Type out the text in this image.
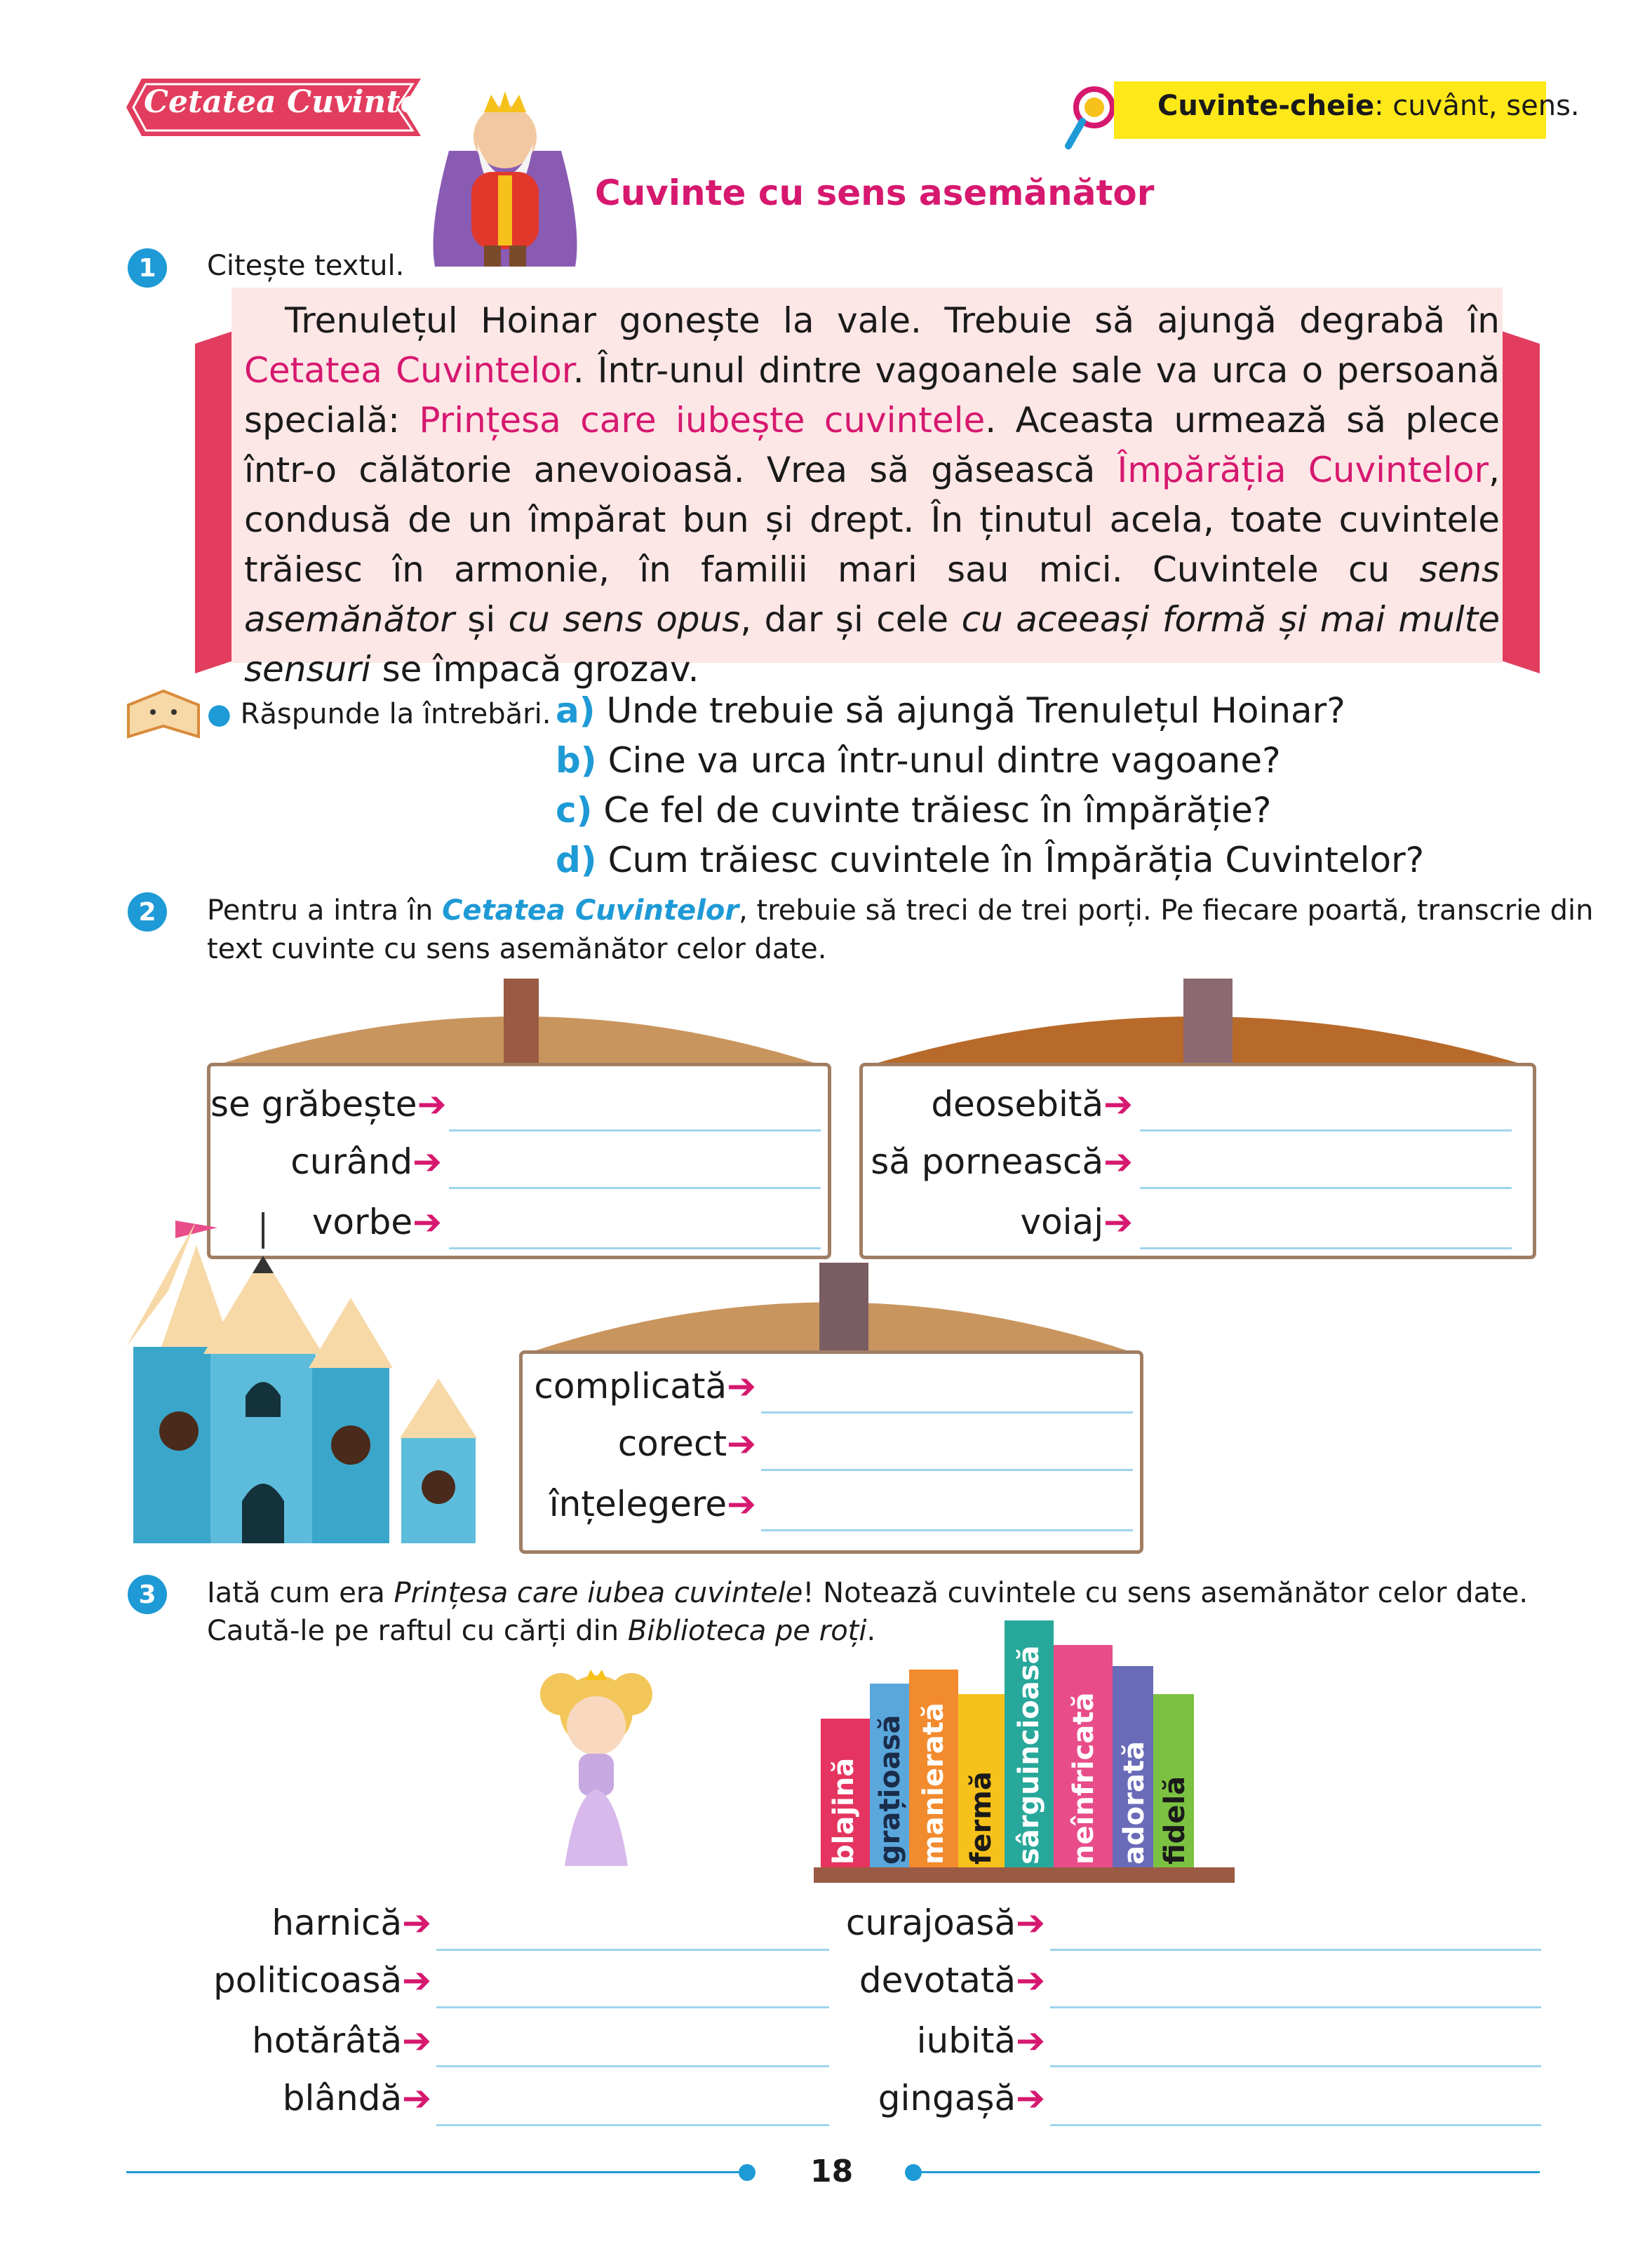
Cetatea Cuvintelor	Cuvinte-cheie: cuvânt, sens.
Cuvinte cu sens asemănător
1	Citește textul.
Trenulețul Hoinar gonește la vale. Trebuie să ajungă degrabă în Cetatea Cuvintelor. Într-unul dintre vagoanele sale va urca o persoană specială: Prințesa care iubește cuvintele. Aceasta urmează să plece într-o călătorie anevoioasă. Vrea să găsească Împărăția Cuvintelor, condusă de un împărat bun și drept. În ținutul acela, toate cuvintele trăiesc în armonie, în familii mari sau mici. Cuvintele cu sens asemănător și cu sens opus, dar și cele cu aceeași formă și mai multe sensuri se împacă grozav.
● Răspunde la întrebări. a) Unde trebuie să ajungă Trenulețul Hoinar?
b) Cine va urca într-unul dintre vagoane?
c) Ce fel de cuvinte trăiesc în împărăție?
d) Cum trăiesc cuvintele în Împărăția Cuvintelor?
2	Pentru a intra în Cetatea Cuvintelor, trebuie să treci de trei porți. Pe fiecare poartă, transcrie din
text cuvinte cu sens asemănător celor date.
se grăbește➔
curând➔
vorbe➔
deosebită➔
să pornească➔
voiaj➔
complicată➔
corect➔
înțelegere➔
3	Iată cum era Prințesa care iubea cuvintele! Notează cuvintele cu sens asemănător celor date.
Caută-le pe raftul cu cărți din Biblioteca pe roți.
blajină grațioasă manierată fermă sârguincioasă neînfricată adorată fidelă
harnică➔
politicoasă➔
hotărâtă➔
blândă➔
curajoasă➔
devotată➔
iubită➔
gingașă➔
18
